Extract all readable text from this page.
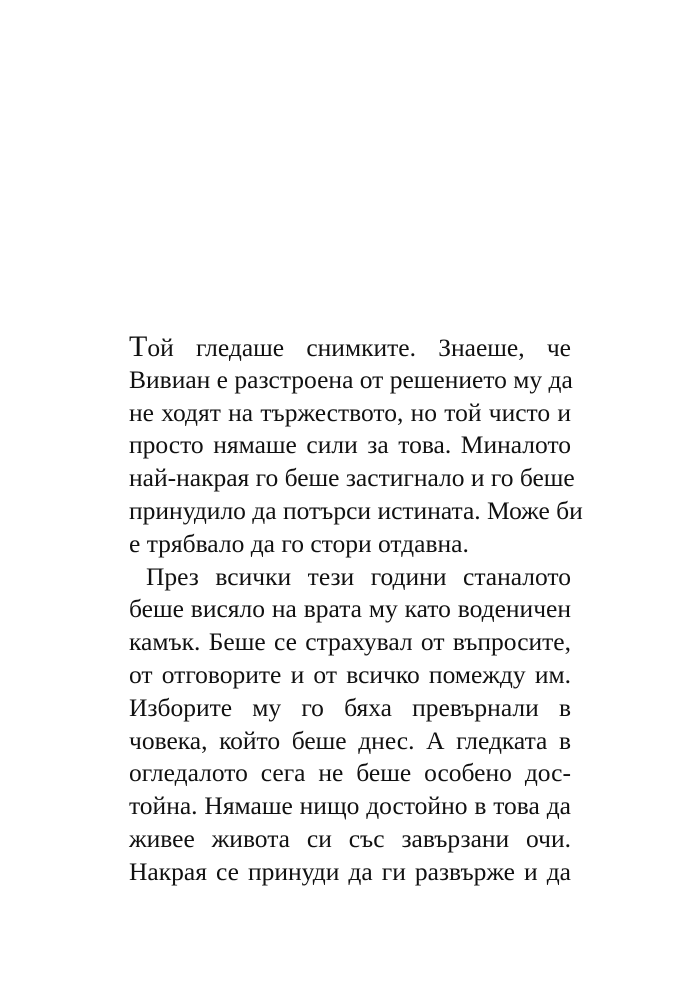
Той гледаше снимките. Знаеше, че
Вивиан е разстроена от решението му да
не ходят на тържеството, но той чисто и
просто нямаше сили за това. Миналото
най-накрая го беше застигнало и го беше
принудило да потърси истината. Може би
е трябвало да го стори отдавна.
През всички тези години станалото
беше висяло на врата му като воденичен
камък. Беше се страхувал от въпросите,
от отговорите и от всичко помежду им.
Изборите му го бяха превърнали в
човека, който беше днес. А гледката в
огледалото сега не беше особено дос-
тойна. Нямаше нищо достойно в това да
живее живота си със завързани очи.
Накрая се принуди да ги развърже и да
